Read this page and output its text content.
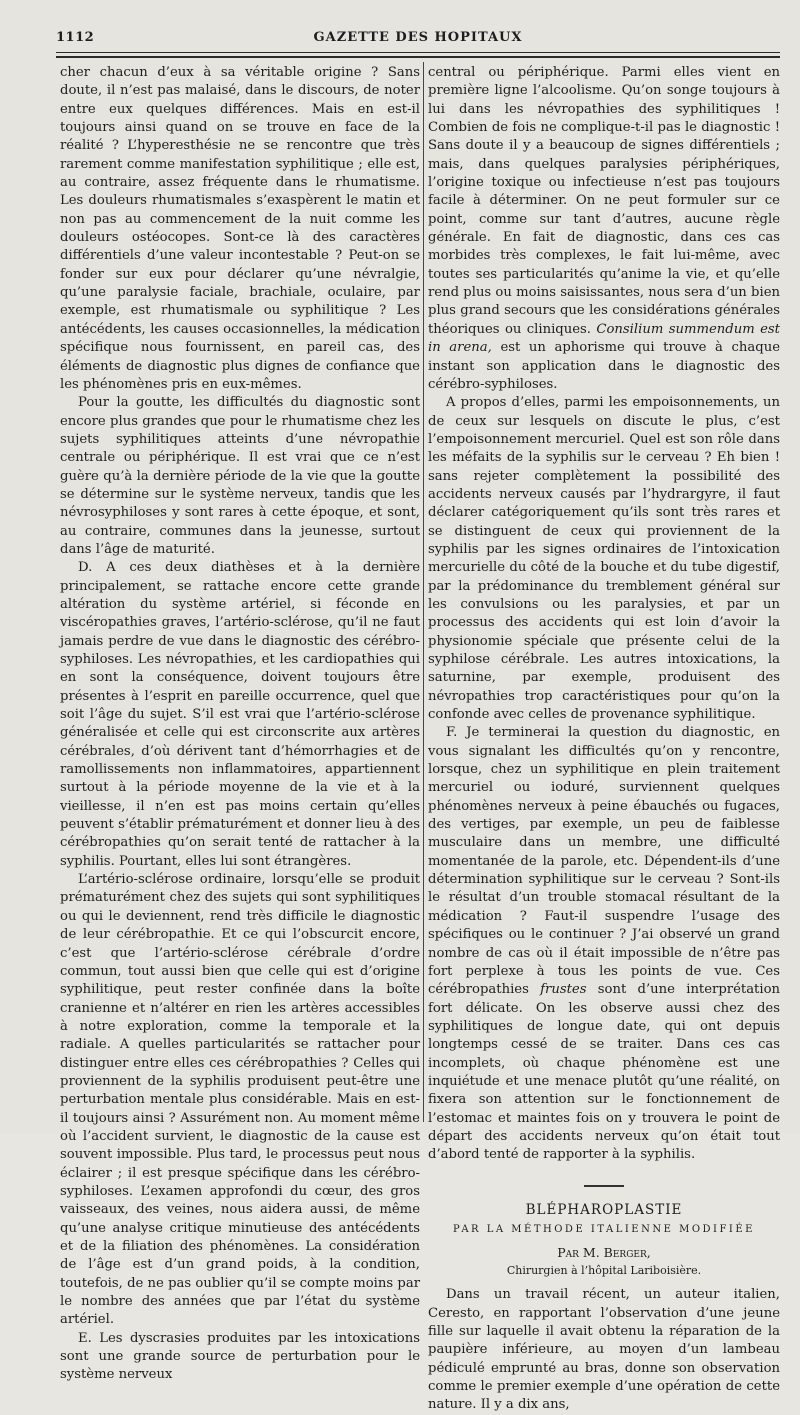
1112	GAZETTE DES HOPITAUX

cher chacun d’eux à sa véritable origine ? Sans doute, il n’est pas malaisé, dans le discours, de noter entre eux quelques différences. Mais en est-il toujours ainsi quand on se trouve en face de la réalité ? L’hyperesthésie ne se rencontre que très rarement comme manifestation syphilitique ; elle est, au contraire, assez fréquente dans le rhumatisme. Les douleurs rhumatismales s’exaspèrent le matin et non pas au commencement de la nuit comme les douleurs ostéocopes. Sont-ce là des caractères différentiels d’une valeur incontestable ? Peut-on se fonder sur eux pour déclarer qu’une névralgie, qu’une paralysie faciale, brachiale, oculaire, par exemple, est rhumatismale ou syphilitique ? Les antécédents, les causes occasionnelles, la médication spécifique nous fournissent, en pareil cas, des éléments de diagnostic plus dignes de confiance que les phénomènes pris en eux-mêmes.

Pour la goutte, les difficultés du diagnostic sont encore plus grandes que pour le rhumatisme chez les sujets syphilitiques atteints d’une névropathie centrale ou périphérique. Il est vrai que ce n’est guère qu’à la dernière période de la vie que la goutte se détermine sur le système nerveux, tandis que les névrosyphiloses y sont rares à cette époque, et sont, au contraire, communes dans la jeunesse, surtout dans l’âge de maturité.

D. A ces deux diathèses et à la dernière principalement, se rattache encore cette grande altération du système artériel, si féconde en viscéropathies graves, l’artério-sclérose, qu’il ne faut jamais perdre de vue dans le diagnostic des cérébro-syphiloses. Les névropathies, et les cardiopathies qui en sont la conséquence, doivent toujours être présentes à l’esprit en pareille occurrence, quel que soit l’âge du sujet. S’il est vrai que l’artério-sclérose généralisée et celle qui est circonscrite aux artères cérébrales, d’où dérivent tant d’hémorrhagies et de ramollissements non inflammatoires, appartiennent surtout à la période moyenne de la vie et à la vieillesse, il n’en est pas moins certain qu’elles peuvent s’établir prématurément et donner lieu à des cérébropathies qu’on serait tenté de rattacher à la syphilis. Pourtant, elles lui sont étrangères.

L’artério-sclérose ordinaire, lorsqu’elle se produit prématurément chez des sujets qui sont syphilitiques ou qui le deviennent, rend très difficile le diagnostic de leur cérébropathie. Et ce qui l’obscurcit encore, c’est que l’artério-sclérose cérébrale d’ordre commun, tout aussi bien que celle qui est d’origine syphilitique, peut rester confinée dans la boîte cranienne et n’altérer en rien les artères accessibles à notre exploration, comme la temporale et la radiale. A quelles particularités se rattacher pour distinguer entre elles ces cérébropathies ? Celles qui proviennent de la syphilis produisent peut-être une perturbation mentale plus considérable. Mais en est-il toujours ainsi ? Assurément non. Au moment même où l’accident survient, le diagnostic de la cause est souvent impossible. Plus tard, le processus peut nous éclairer ; il est presque spécifique dans les cérébro-syphiloses. L’examen approfondi du cœur, des gros vaisseaux, des veines, nous aidera aussi, de même qu’une analyse critique minutieuse des antécédents et de la filiation des phénomènes. La considération de l’âge est d’un grand poids, à la condition, toutefois, de ne pas oublier qu’il se compte moins par le nombre des années que par l’état du système artériel.

E. Les dyscrasies produites par les intoxications sont une grande source de perturbation pour le système nerveux

central ou périphérique. Parmi elles vient en première ligne l’alcoolisme. Qu’on songe toujours à lui dans les névropathies des syphilitiques ! Combien de fois ne complique-t-il pas le diagnostic ! Sans doute il y a beaucoup de signes différentiels ; mais, dans quelques paralysies périphériques, l’origine toxique ou infectieuse n’est pas toujours facile à déterminer. On ne peut formuler sur ce point, comme sur tant d’autres, aucune règle générale. En fait de diagnostic, dans ces cas morbides très complexes, le fait lui-même, avec toutes ses particularités qu’anime la vie, et qu’elle rend plus ou moins saisissantes, nous sera d’un bien plus grand secours que les considérations générales théoriques ou cliniques. Consilium summendum est in arena, est un aphorisme qui trouve à chaque instant son application dans le diagnostic des cérébro-syphiloses.

A propos d’elles, parmi les empoisonnements, un de ceux sur lesquels on discute le plus, c’est l’empoisonnement mercuriel. Quel est son rôle dans les méfaits de la syphilis sur le cerveau ? Eh bien ! sans rejeter complètement la possibilité des accidents nerveux causés par l’hydrargyre, il faut déclarer catégoriquement qu’ils sont très rares et se distinguent de ceux qui proviennent de la syphilis par les signes ordinaires de l’intoxication mercurielle du côté de la bouche et du tube digestif, par la prédominance du tremblement général sur les convulsions ou les paralysies, et par un processus des accidents qui est loin d’avoir la physionomie spéciale que présente celui de la syphilose cérébrale. Les autres intoxications, la saturnine, par exemple, produisent des névropathies trop caractéristiques pour qu’on la confonde avec celles de provenance syphilitique.

F. Je terminerai la question du diagnostic, en vous signalant les difficultés qu’on y rencontre, lorsque, chez un syphilitique en plein traitement mercuriel ou ioduré, surviennent quelques phénomènes nerveux à peine ébauchés ou fugaces, des vertiges, par exemple, un peu de faiblesse musculaire dans un membre, une difficulté momentanée de la parole, etc. Dépendent-ils d’une détermination syphilitique sur le cerveau ? Sont-ils le résultat d’un trouble stomacal résultant de la médication ? Faut-il suspendre l’usage des spécifiques ou le continuer ? J’ai observé un grand nombre de cas où il était impossible de n’être pas fort perplexe à tous les points de vue. Ces cérébropathies frustes sont d’une interprétation fort délicate. On les observe aussi chez des syphilitiques de longue date, qui ont depuis longtemps cessé de se traiter. Dans ces cas incomplets, où chaque phénomène est une inquiétude et une menace plutôt qu’une réalité, on fixera son attention sur le fonctionnement de l’estomac et maintes fois on y trouvera le point de départ des accidents nerveux qu’on était tout d’abord tenté de rapporter à la syphilis.

BLÉPHAROPLASTIE
PAR LA MÉTHODE ITALIENNE MODIFIÉE
Par M. Berger,
Chirurgien à l’hôpital Lariboisière.

Dans un travail récent, un auteur italien, Ceresto, en rapportant l’observation d’une jeune fille sur laquelle il avait obtenu la réparation de la paupière inférieure, au moyen d’un lambeau pédiculé emprunté au bras, donne son observation comme le premier exemple d’une opération de cette nature. Il y a dix ans,
